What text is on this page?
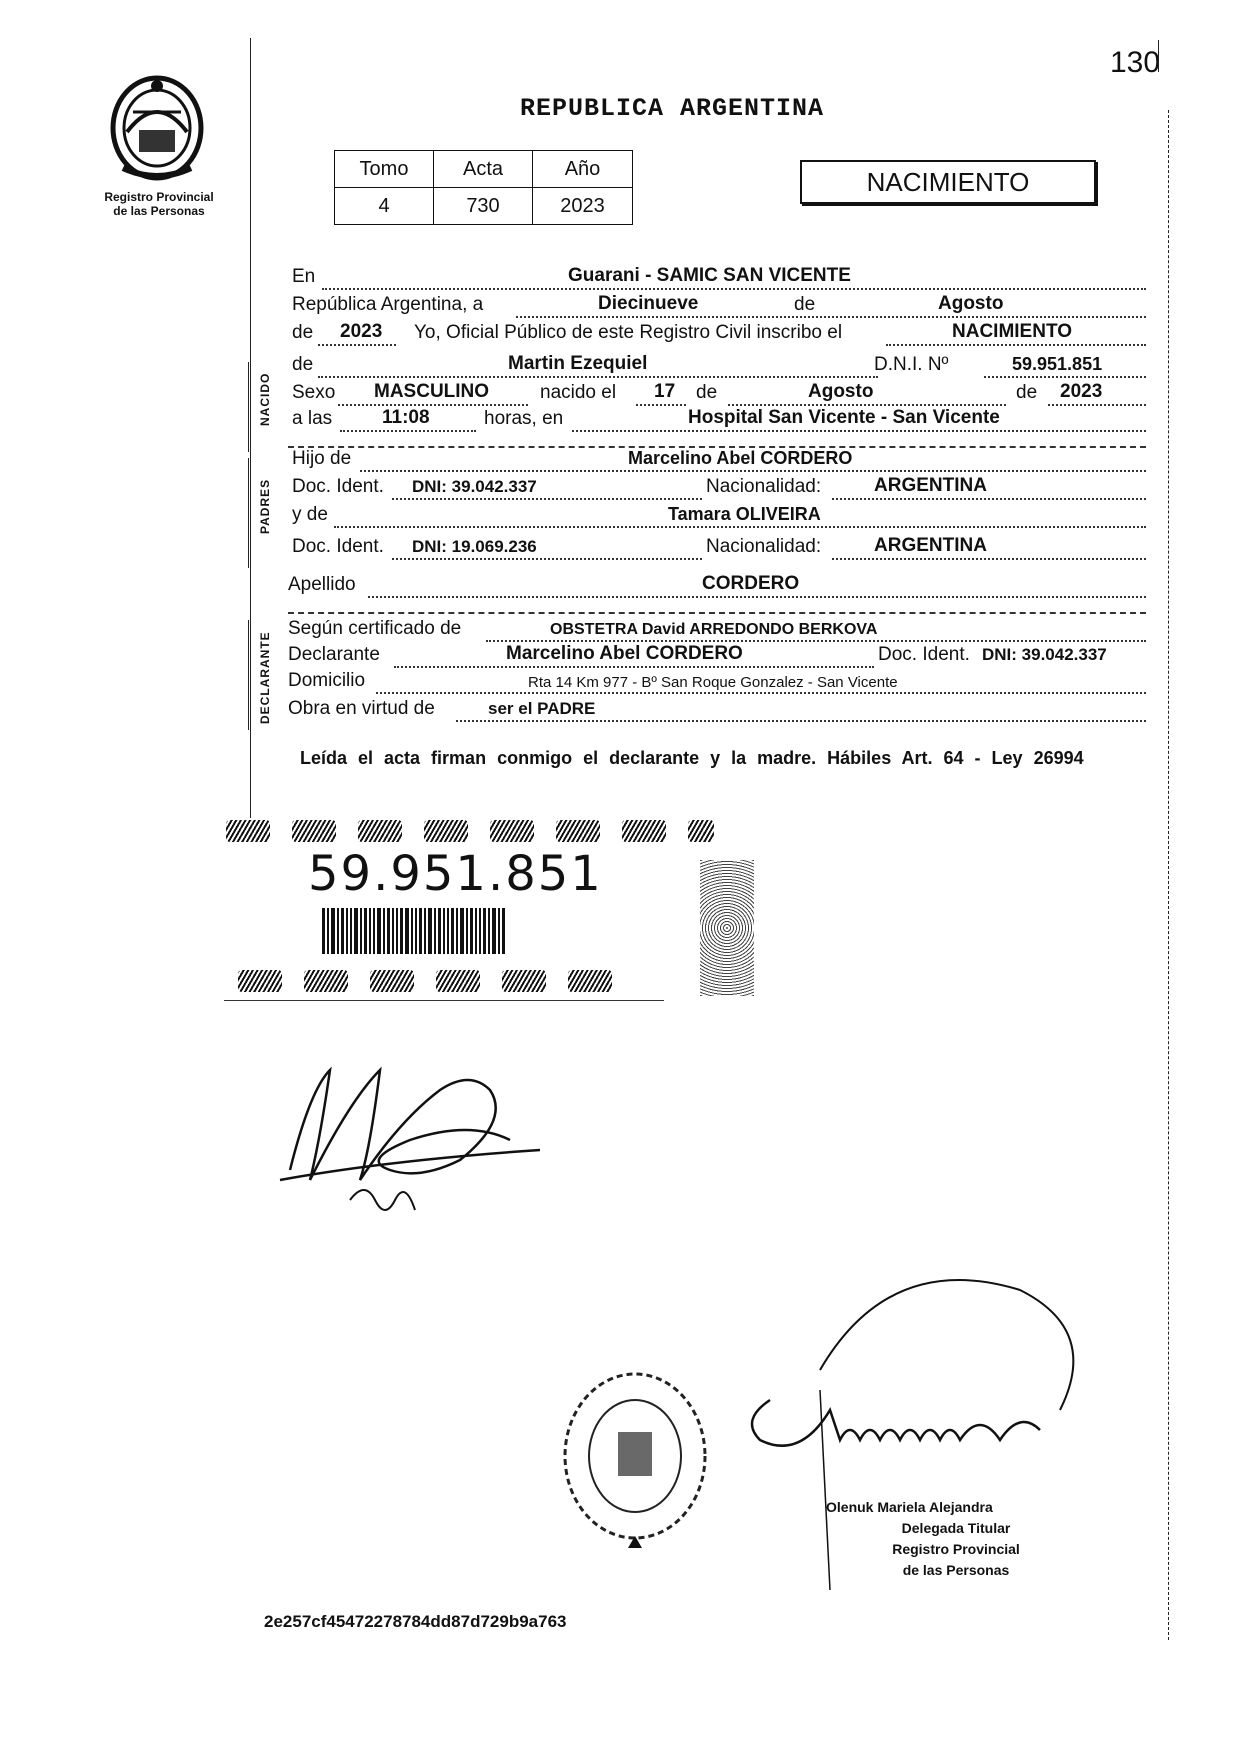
130
Registro Provincial
de las Personas
REPUBLICA ARGENTINA
Tomo	Acta	Año
4	730	2023
NACIMIENTO
NACIDO
PADRES
DECLARANTE
En	Guarani - SAMIC SAN VICENTE
República Argentina, a	Diecinueve	de	Agosto
de 2023 Yo, Oficial Público de este Registro Civil inscribo el	NACIMIENTO
de	Martin Ezequiel	D.N.I. Nº	59.951.851
Sexo MASCULINO	nacido el 17 de	Agosto	de 2023
a las	11:08	horas, en	Hospital San Vicente - San Vicente
Hijo de	Marcelino Abel CORDERO
Doc. Ident. DNI: 39.042.337	Nacionalidad:	ARGENTINA
y de	Tamara OLIVEIRA
Doc. Ident. DNI: 19.069.236	Nacionalidad:	ARGENTINA
Apellido	CORDERO
Según certificado de	OBSTETRA David ARREDONDO BERKOVA
Declarante	Marcelino Abel CORDERO	Doc. Ident. DNI: 39.042.337
Domicilio	Rta 14 Km 977 - Bº San Roque Gonzalez - San Vicente
Obra en virtud de	ser el PADRE
Leída el acta firman conmigo el declarante y la madre. Hábiles Art. 64 - Ley 26994
59.951.851
Olenuk Mariela Alejandra
Delegada Titular
Registro Provincial
de las Personas
2e257cf45472278784dd87d729b9a763
